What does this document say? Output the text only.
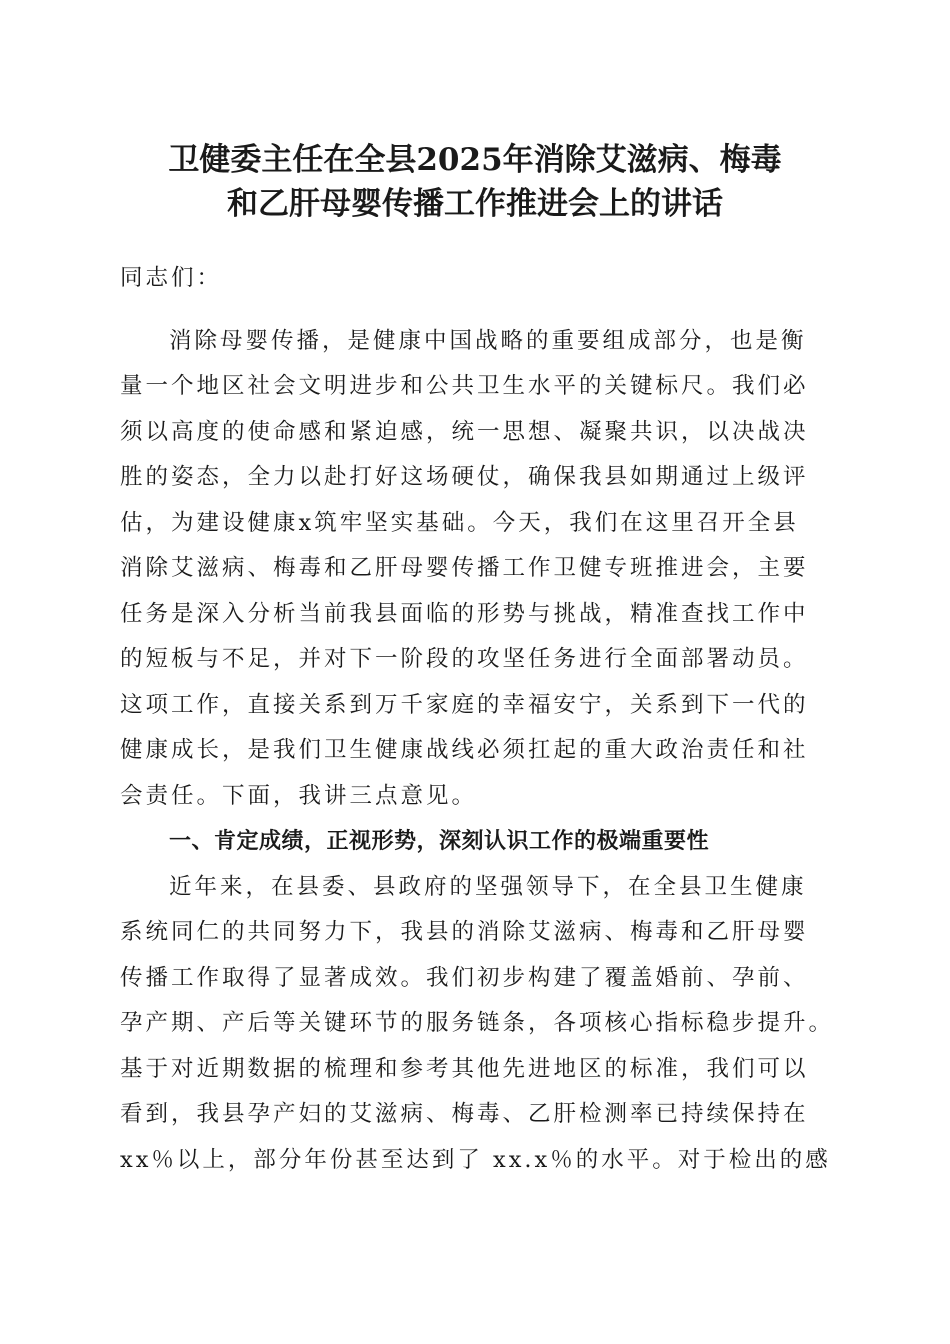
卫健委主任在全县2025年消除艾滋病、梅毒
和乙肝母婴传播工作推进会上的讲话

同志们：

消除母婴传播，是健康中国战略的重要组成部分，也是衡

量一个地区社会文明进步和公共卫生水平的关键标尺。我们必

须以高度的使命感和紧迫感，统一思想、凝聚共识，以决战决

胜的姿态，全力以赴打好这场硬仗，确保我县如期通过上级评

估，为建设健康x筑牢坚实基础。今天，我们在这里召开全县

消除艾滋病、梅毒和乙肝母婴传播工作卫健专班推进会，主要

任务是深入分析当前我县面临的形势与挑战，精准查找工作中

的短板与不足，并对下一阶段的攻坚任务进行全面部署动员。

这项工作，直接关系到万千家庭的幸福安宁，关系到下一代的

健康成长，是我们卫生健康战线必须扛起的重大政治责任和社

会责任。下面，我讲三点意见。

一、肯定成绩，正视形势，深刻认识工作的极端重要性

近年来，在县委、县政府的坚强领导下，在全县卫生健康

系统同仁的共同努力下，我县的消除艾滋病、梅毒和乙肝母婴

传播工作取得了显著成效。我们初步构建了覆盖婚前、孕前、

孕产期、产后等关键环节的服务链条，各项核心指标稳步提升。

基于对近期数据的梳理和参考其他先进地区的标准，我们可以

看到，我县孕产妇的艾滋病、梅毒、乙肝检测率已持续保持在

xx％以上，部分年份甚至达到了 xx.x％的水平。对于检出的感
